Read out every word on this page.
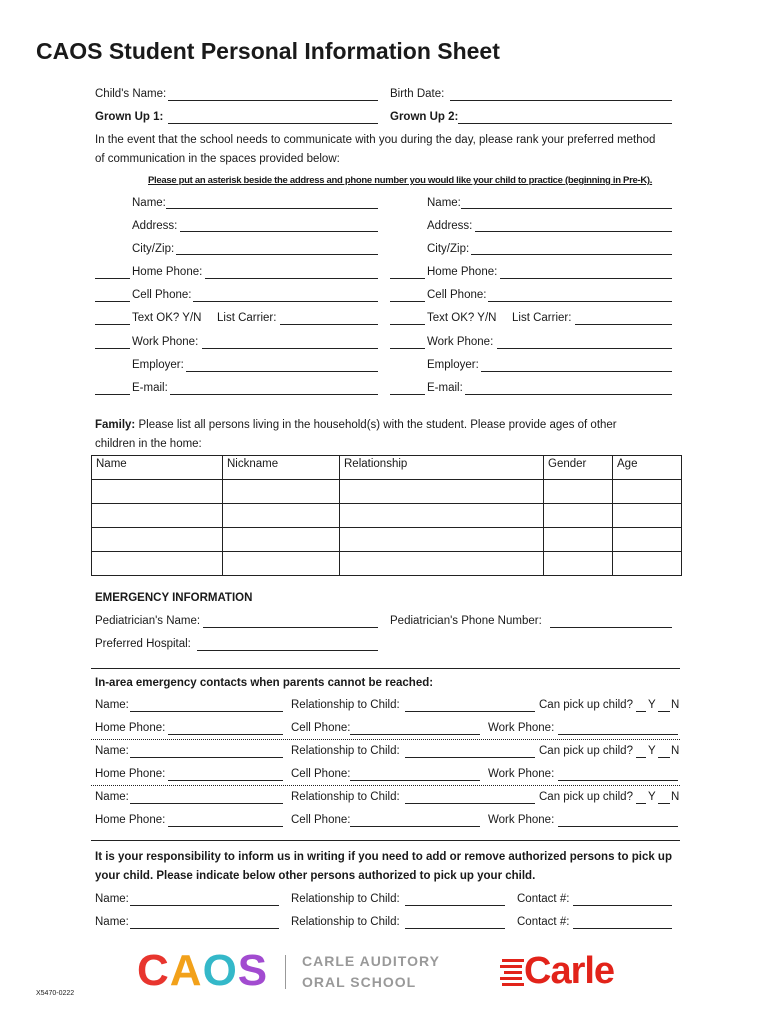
CAOS Student Personal Information Sheet
Child's Name:	Birth Date:
Grown Up 1:	Grown Up 2:
In the event that the school needs to communicate with you during the day, please rank your preferred method of communication in the spaces provided below:
Please put an asterisk beside the address and phone number you would like your child to practice (beginning in Pre-K).
Name:
Address:
City/Zip:
Home Phone:
Cell Phone:
Text OK? Y/N List Carrier:
Work Phone:
Employer:
E-mail:
Name:
Address:
City/Zip:
Home Phone:
Cell Phone:
Text OK? Y/N List Carrier:
Work Phone:
Employer:
E-mail:
Family: Please list all persons living in the household(s) with the student. Please provide ages of other
children in the home:
Name	Nickname	Relationship	Gender	Age

EMERGENCY INFORMATION
Pediatrician's Name:	Pediatrician's Phone Number:
Preferred Hospital:
In-area emergency contacts when parents cannot be reached:
Name:	Relationship to Child:	Can pick up child? Y N
Home Phone:	Cell Phone:	Work Phone:
Name:	Relationship to Child:	Can pick up child? Y N
Home Phone:	Cell Phone:	Work Phone:
Name:	Relationship to Child:	Can pick up child? Y N
Home Phone:	Cell Phone:	Work Phone:
It is your responsibility to inform us in writing if you need to add or remove authorized persons to pick up
your child. Please indicate below other persons authorized to pick up your child.
Name:	Relationship to Child:	Contact #:
Name:	Relationship to Child:	Contact #:
CAOS CARLE AUDITORY
ORAL SCHOOL	Carle
X5470-0222
